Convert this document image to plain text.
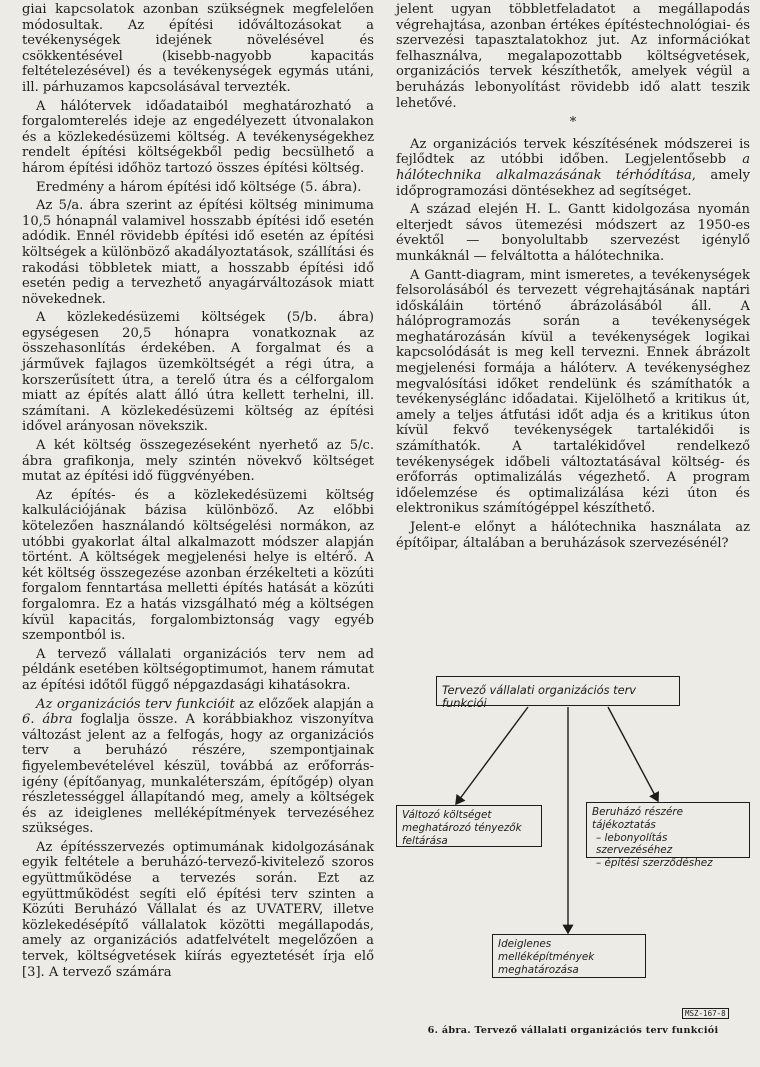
giai kapcsolatok azonban szükségnek megfelelően módosultak. Az építési időváltozásokat a tevékenységek idejének növelésével és csökkentésével (kisebb-nagyobb kapacitás feltételezésével) és a tevékenységek egymás utáni, ill. párhuzamos kapcsolásával tervezték.

A hálótervek időadataiból meghatározható a forgalomterelés ideje az engedélyezett útvonalakon és a közlekedésüzemi költség. A tevékenységekhez rendelt építési költségekből pedig becsülhető a három építési időhöz tartozó összes építési költség.

Eredmény a három építési idő költsége (5. ábra).

Az 5/a. ábra szerint az építési költség minimuma 10,5 hónapnál valamivel hosszabb építési idő esetén adódik. Ennél rövidebb építési idő esetén az építési költségek a különböző akadályoztatások, szállítási és rakodási többletek miatt, a hosszabb építési idő esetén pedig a tervezhető anyagárváltozások miatt növekednek.

A közlekedésüzemi költségek (5/b. ábra) egységesen 20,5 hónapra vonatkoznak az összehasonlítás érdekében. A forgalmat és a járművek fajlagos üzemköltségét a régi útra, a korszerűsített útra, a terelő útra és a célforgalom miatt az építés alatt álló útra kellett terhelni, ill. számítani. A közlekedésüzemi költség az építési idővel arányosan növekszik.

A két költség összegezéseként nyerhető az 5/c. ábra grafikonja, mely szintén növekvő költséget mutat az építési idő függvényében.

Az építés- és a közlekedésüzemi költség kalkulációjának bázisa különböző. Az előbbi kötelezően használandó költségelési normákon, az utóbbi gyakorlat által alkalmazott módszer alapján történt. A költségek megjelenési helye is eltérő. A két költség összegezése azonban érzékelteti a közúti forgalom fenntartása melletti építés hatását a közúti forgalomra. Ez a hatás vizsgálható még a költségen kívül kapacitás, forgalombiztonság vagy egyéb szempontból is.

A tervező vállalati organizációs terv nem ad példánk esetében költségoptimumot, hanem rámutat az építési időtől függő népgazdasági kihatásokra.

Az organizációs terv funkcióit az előzőek alapján a 6. ábra foglalja össze. A korábbiakhoz viszonyítva változást jelent az a felfogás, hogy az organizációs terv a beruházó részére, szempontjainak figyelembevételével készül, továbbá az erőforrás-igény (építőanyag, munkaléterszám, építőgép) olyan részletességgel állapítandó meg, amely a költségek és az ideiglenes melléképítmények tervezéséhez szükséges.

Az építésszervezés optimumának kidolgozásának egyik feltétele a beruházó-tervező-kivitelező szoros együttműködése a tervezés során. Ezt az együttműködést segíti elő építési terv szinten a Közúti Beruházó Vállalat és az UVATERV, illetve közlekedésépítő vállalatok közötti megállapodás, amely az organizációs adatfelvételt megelőzően a tervek, költségvetések kiírás egyeztetését írja elő [3]. A tervező számára

jelent ugyan többletfeladatot a megállapodás végrehajtása, azonban értékes építéstechnológiai- és szervezési tapasztalatokhoz jut. Az információkat felhasználva, megalapozottabb költségvetések, organizációs tervek készíthetők, amelyek végül a beruházás lebonyolítást rövidebb idő alatt teszik lehetővé.

*

Az organizációs tervek készítésének módszerei is fejlődtek az utóbbi időben. Legjelentősebb a hálótechnika alkalmazásának térhódítása, amely időprogramozási döntésekhez ad segítséget.

A század elején H. L. Gantt kidolgozása nyomán elterjedt sávos ütemezési módszert az 1950-es évektől — bonyolultabb szervezést igénylő munkáknál — felváltotta a hálótechnika.

A Gantt-diagram, mint ismeretes, a tevékenységek felsorolásából és tervezett végrehajtásának naptári időskáláin történő ábrázolásából áll. A hálóprogramozás során a tevékenységek meghatározásán kívül a tevékenységek logikai kapcsolódását is meg kell tervezni. Ennek ábrázolt megjelenési formája a hálóterv. A tevékenységhez megvalósítási időket rendelünk és számíthatók a tevékenységlánc időadatai. Kijelölhető a kritikus út, amely a teljes átfutási időt adja és a kritikus úton kívül fekvő tevékenységek tartalékidői is számíthatók. A tartalékidővel rendelkező tevékenységek időbeli változtatásával költség- és erőforrás optimalizálás végezhető. A program időelemzése és optimalizálása kézi úton és elektronikus számítógéppel készíthető.

Jelent-e előnyt a hálótechnika használata az építőipar, általában a beruházások szervezésénél?

Tervező vállalati organizációs terv funkciói
Változó költséget meghatározó tényezők feltárása
Beruházó részére tájékoztatás
– lebonyolítás szervezéséhez
– építési szerződéshez
Ideiglenes melléképítmények meghatározása
MSZ-167-8
6. ábra. Tervező vállalati organizációs terv funkciói
